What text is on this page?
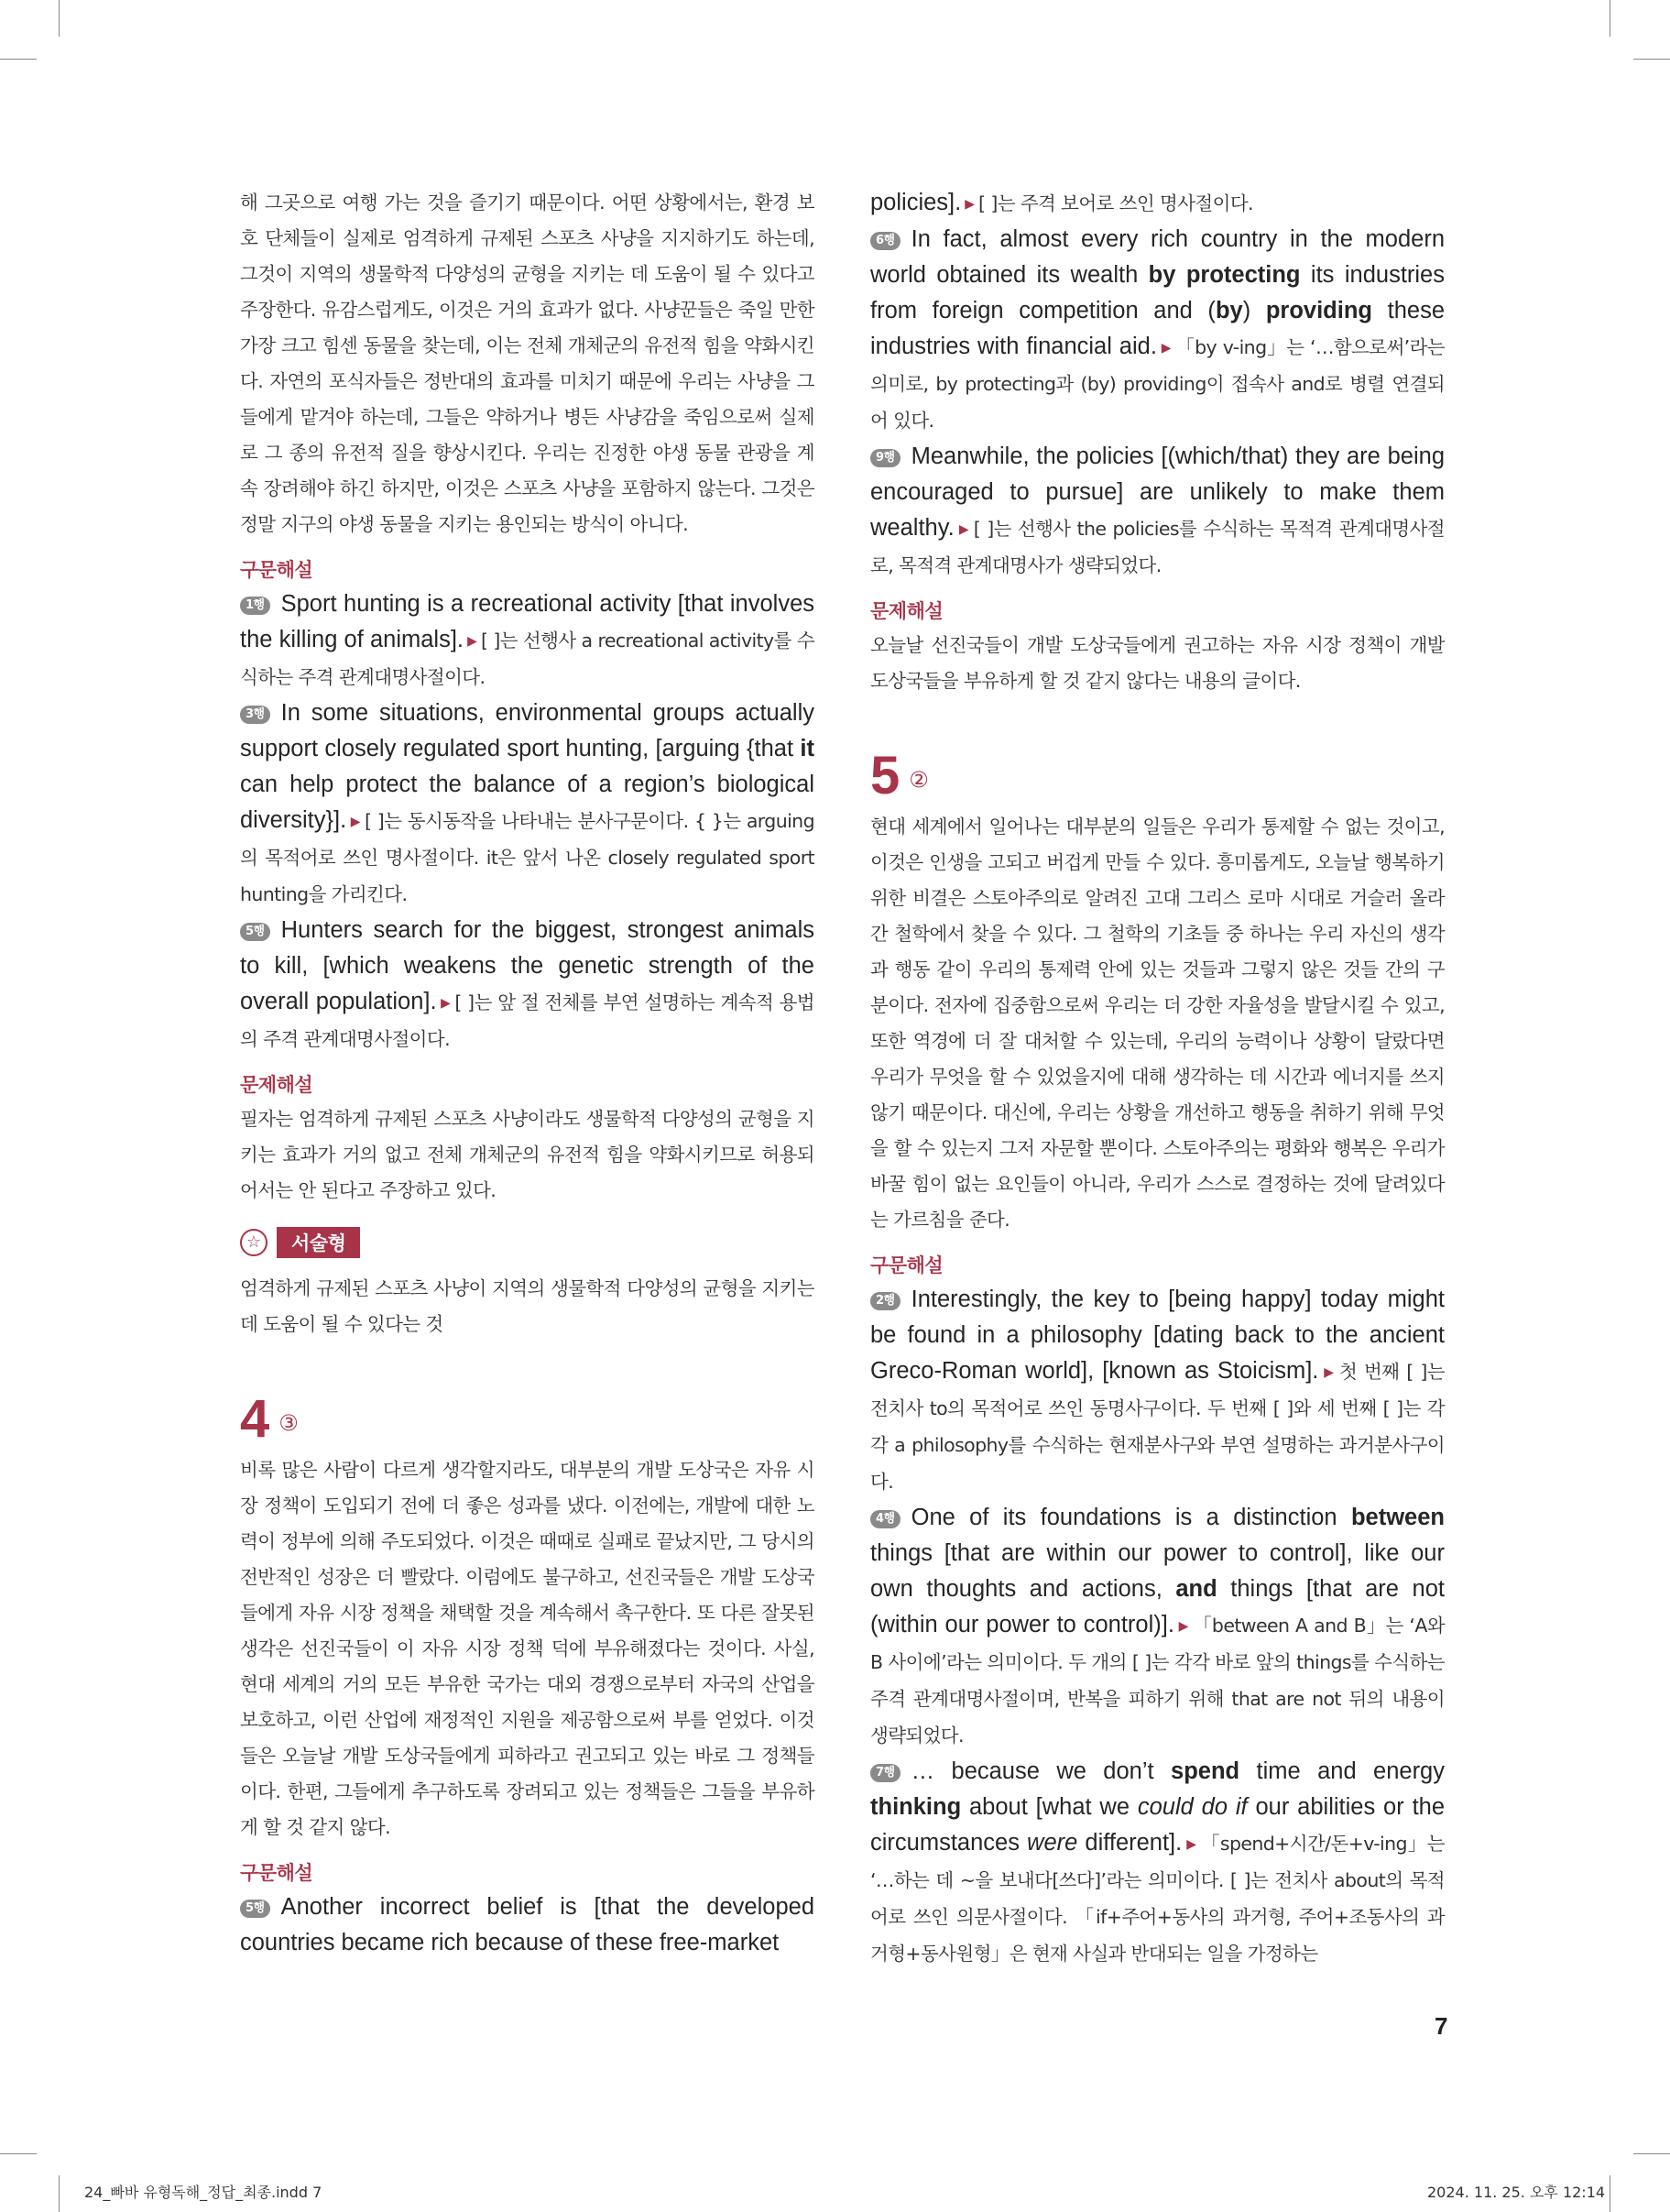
해 그곳으로 여행 가는 것을 즐기기 때문이다. 어떤 상황에서는, 환경 보호 단체들이 실제로 엄격하게 규제된 스포츠 사냥을 지지하기도 하는데, 그것이 지역의 생물학적 다양성의 균형을 지키는 데 도움이 될 수 있다고 주장한다. 유감스럽게도, 이것은 거의 효과가 없다. 사냥꾼들은 죽일 만한 가장 크고 힘센 동물을 찾는데, 이는 전체 개체군의 유전적 힘을 약화시킨다. 자연의 포식자들은 정반대의 효과를 미치기 때문에 우리는 사냥을 그들에게 맡겨야 하는데, 그들은 약하거나 병든 사냥감을 죽임으로써 실제로 그 종의 유전적 질을 향상시킨다. 우리는 진정한 야생 동물 관광을 계속 장려해야 하긴 하지만, 이것은 스포츠 사냥을 포함하지 않는다. 그것은 정말 지구의 야생 동물을 지키는 용인되는 방식이 아니다.

구문해설

1행 Sport hunting is a recreational activity [that involves the killing of animals]. ▶ [ ]는 선행사 a recreational activity를 수식하는 주격 관계대명사절이다.

3행 In some situations, environmental groups actually support closely regulated sport hunting, [arguing {that it can help protect the balance of a region’s biological diversity}]. ▶ [ ]는 동시동작을 나타내는 분사구문이다. { }는 arguing의 목적어로 쓰인 명사절이다. it은 앞서 나온 closely regulated sport hunting을 가리킨다.

5행 Hunters search for the biggest, strongest animals to kill, [which weakens the genetic strength of the overall population]. ▶ [ ]는 앞 절 전체를 부연 설명하는 계속적 용법의 주격 관계대명사절이다.

문제해설

필자는 엄격하게 규제된 스포츠 사냥이라도 생물학적 다양성의 균형을 지키는 효과가 거의 없고 전체 개체군의 유전적 힘을 약화시키므로 허용되어서는 안 된다고 주장하고 있다.

☆	서술형

엄격하게 규제된 스포츠 사냥이 지역의 생물학적 다양성의 균형을 지키는 데 도움이 될 수 있다는 것

4 ③

비록 많은 사람이 다르게 생각할지라도, 대부분의 개발 도상국은 자유 시장 정책이 도입되기 전에 더 좋은 성과를 냈다. 이전에는, 개발에 대한 노력이 정부에 의해 주도되었다. 이것은 때때로 실패로 끝났지만, 그 당시의 전반적인 성장은 더 빨랐다. 이럼에도 불구하고, 선진국들은 개발 도상국들에게 자유 시장 정책을 채택할 것을 계속해서 촉구한다. 또 다른 잘못된 생각은 선진국들이 이 자유 시장 정책 덕에 부유해졌다는 것이다. 사실, 현대 세계의 거의 모든 부유한 국가는 대외 경쟁으로부터 자국의 산업을 보호하고, 이런 산업에 재정적인 지원을 제공함으로써 부를 얻었다. 이것들은 오늘날 개발 도상국들에게 피하라고 권고되고 있는 바로 그 정책들이다. 한편, 그들에게 추구하도록 장려되고 있는 정책들은 그들을 부유하게 할 것 같지 않다.

구문해설

5행 Another incorrect belief is [that the developed countries became rich because of these free-market

policies]. ▶ [ ]는 주격 보어로 쓰인 명사절이다.

6행 In fact, almost every rich country in the modern world obtained its wealth by protecting its industries from foreign competition and (by) providing these industries with financial aid. ▶ 「by v-ing」는 ‘…함으로써’라는 의미로, by protecting과 (by) providing이 접속사 and로 병렬 연결되어 있다.

9행 Meanwhile, the policies [(which/that) they are being encouraged to pursue] are unlikely to make them wealthy. ▶ [ ]는 선행사 the policies를 수식하는 목적격 관계대명사절로, 목적격 관계대명사가 생략되었다.

문제해설

오늘날 선진국들이 개발 도상국들에게 권고하는 자유 시장 정책이 개발 도상국들을 부유하게 할 것 같지 않다는 내용의 글이다.

5 ②

현대 세계에서 일어나는 대부분의 일들은 우리가 통제할 수 없는 것이고, 이것은 인생을 고되고 버겁게 만들 수 있다. 흥미롭게도, 오늘날 행복하기 위한 비결은 스토아주의로 알려진 고대 그리스 로마 시대로 거슬러 올라간 철학에서 찾을 수 있다. 그 철학의 기초들 중 하나는 우리 자신의 생각과 행동 같이 우리의 통제력 안에 있는 것들과 그렇지 않은 것들 간의 구분이다. 전자에 집중함으로써 우리는 더 강한 자율성을 발달시킬 수 있고, 또한 역경에 더 잘 대처할 수 있는데, 우리의 능력이나 상황이 달랐다면 우리가 무엇을 할 수 있었을지에 대해 생각하는 데 시간과 에너지를 쓰지 않기 때문이다. 대신에, 우리는 상황을 개선하고 행동을 취하기 위해 무엇을 할 수 있는지 그저 자문할 뿐이다. 스토아주의는 평화와 행복은 우리가 바꿀 힘이 없는 요인들이 아니라, 우리가 스스로 결정하는 것에 달려있다는 가르침을 준다.

구문해설

2행 Interestingly, the key to [being happy] today might be found in a philosophy [dating back to the ancient Greco-Roman world], [known as Stoicism]. ▶ 첫 번째 [ ]는 전치사 to의 목적어로 쓰인 동명사구이다. 두 번째 [ ]와 세 번째 [ ]는 각각 a philosophy를 수식하는 현재분사구와 부연 설명하는 과거분사구이다.

4행 One of its foundations is a distinction between things [that are within our power to control], like our own thoughts and actions, and things [that are not (within our power to control)]. ▶ 「between A and B」는 ‘A와 B 사이에’라는 의미이다. 두 개의 [ ]는 각각 바로 앞의 things를 수식하는 주격 관계대명사절이며, 반복을 피하기 위해 that are not 뒤의 내용이 생략되었다.

7행 … because we don’t spend time and energy thinking about [what we could do if our abilities or the circumstances were different]. ▶ 「spend+시간/돈+v-ing」는 ‘…하는 데 ~을 보내다[쓰다]’라는 의미이다. [ ]는 전치사 about의 목적어로 쓰인 의문사절이다. 「if+주어+동사의 과거형, 주어+조동사의 과거형+동사원형」은 현재 사실과 반대되는 일을 가정하는

7
24_빠바 유형독해_정답_최종.indd 7	2024. 11. 25. 오후 12:14
